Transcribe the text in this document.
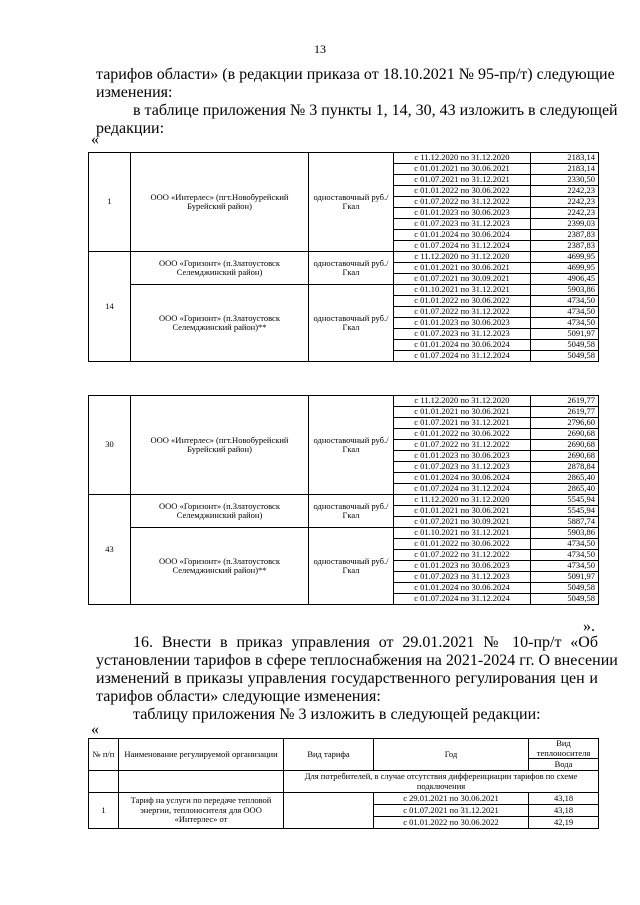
13
тарифов области» (в редакции приказа от 18.10.2021 № 95-пр/т) следующие
изменения:
в таблице приложения № 3 пункты 1, 14, 30, 43 изложить в следующей
редакции:
«
1	ООО «Интерлес» (пгт.Новобурейский Бурейский район)	одноставочный руб./Гкал	с 11.12.2020 по 31.12.2020	2183,14
			с 01.01.2021 по 30.06.2021	2183,14
			с 01.07.2021 по 31.12.2021	2330,50
			с 01.01.2022 по 30.06.2022	2242,23
			с 01.07.2022 по 31.12.2022	2242,23
			с 01.01.2023 по 30.06.2023	2242,23
			с 01.07.2023 по 31.12.2023	2399,03
			с 01.01.2024 по 30.06.2024	2387,83
			с 01.07.2024 по 31.12.2024	2387,83
14	ООО «Горизонт» (п.Златоустовск Селемджинский район)	одноставочный руб./Гкал	с 11.12.2020 по 31.12.2020	4699,95
			с 01.01.2021 по 30.06.2021	4699,95
			с 01.07.2021 по 30.09.2021	4906,45
	ООО «Горизонт» (п.Златоустовск Селемджинский район)**	одноставочный руб./Гкал	с 01.10.2021 по 31.12.2021	5903,86
			с 01.01.2022 по 30.06.2022	4734,50
			с 01.07.2022 по 31.12.2022	4734,50
			с 01.01.2023 по 30.06.2023	4734,50
			с 01.07.2023 по 31.12.2023	5091,97
			с 01.01.2024 по 30.06.2024	5049,58
			с 01.07.2024 по 31.12.2024	5049,58
30	ООО «Интерлес» (пгт.Новобурейский Бурейский район)	одноставочный руб./Гкал	с 11.12.2020 по 31.12.2020	2619,77
			с 01.01.2021 по 30.06.2021	2619,77
			с 01.07.2021 по 31.12.2021	2796,60
			с 01.01.2022 по 30.06.2022	2690,68
			с 01.07.2022 по 31.12.2022	2690,68
			с 01.01.2023 по 30.06.2023	2690,68
			с 01.07.2023 по 31.12.2023	2878,84
			с 01.01.2024 по 30.06.2024	2865,40
			с 01.07.2024 по 31.12.2024	2865,40
43	ООО «Горизонт» (п.Златоустовск Селемджинский район)	одноставочный руб./Гкал	с 11.12.2020 по 31.12.2020	5545,94
			с 01.01.2021 по 30.06.2021	5545,94
			с 01.07.2021 по 30.09.2021	5887,74
	ООО «Горизонт» (п.Златоустовск Селемджинский район)**	одноставочный руб./Гкал	с 01.10.2021 по 31.12.2021	5903,86
			с 01.01.2022 по 30.06.2022	4734,50
			с 01.07.2022 по 31.12.2022	4734,50
			с 01.01.2023 по 30.06.2023	4734,50
			с 01.07.2023 по 31.12.2023	5091,97
			с 01.01.2024 по 30.06.2024	5049,58
			с 01.07.2024 по 31.12.2024	5049,58
».
16. Внести в приказ управления от 29.01.2021 № 10-пр/т «Об
установлении тарифов в сфере теплоснабжения на 2021-2024 гг. О внесении
изменений в приказы управления государственного регулирования цен и
тарифов области» следующие изменения:
таблицу приложения № 3 изложить в следующей редакции:
«
№ п/п	Наименование регулируемой организации	Вид тарифа	Год	Вид теплоносителя
				Вода
		Для потребителей, в случае отсутствия дифференциации тарифов по схеме подключения		
1	Тариф на услуги по передаче тепловой энергии, теплоносителя для ООО «Интерлес» от		с 29.01.2021 по 30.06.2021	43,18
			с 01.07.2021 по 31.12.2021	43,18
			с 01.01.2022 по 30.06.2022	42,19
